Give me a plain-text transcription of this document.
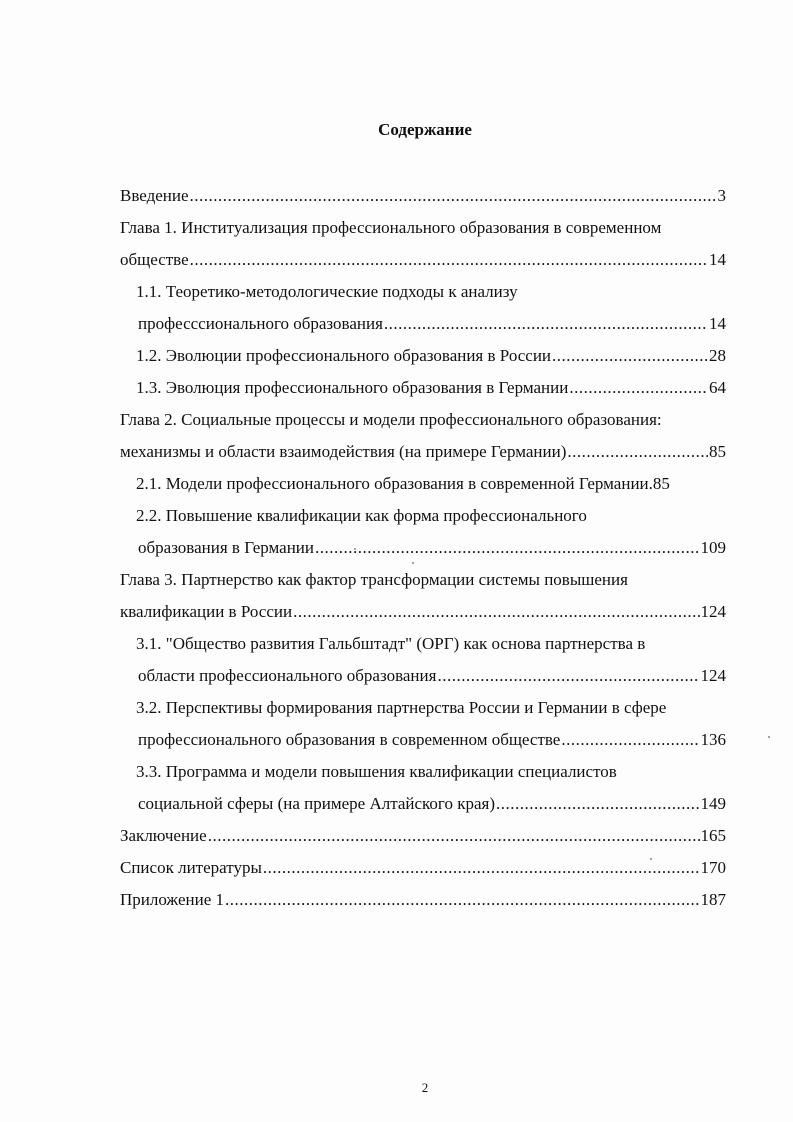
Содержание
Введение .....	3
Глава 1. Институализация профессионального образования в современном
обществе .....	14
1.1. Теоретико-методологические подходы к анализу
професссионального образования .....	14
1.2. Эволюции профессионального образования в России .....	28
1.3. Эволюция профессионального образования в Германии .....	64
Глава 2. Социальные процессы и модели профессионального образования:
механизмы и области взаимодействия (на примере Германии) .....	85
2.1. Модели профессионального образования в современной Германии. 85
2.2. Повышение квалификации как форма профессионального
образования в Германии .....	109
Глава 3. Партнерство как фактор трансформации системы повышения
квалификации в России .....	124
3.1. "Общество развития Гальбштадт" (ОРГ) как основа партнерства в
области профессионального образования .....	124
3.2. Перспективы формирования партнерства России и Германии в сфере
профессионального образования в современном обществе .....	136
3.3. Программа и модели повышения квалификации специалистов
социальной сферы (на примере Алтайского края) .....	149
Заключение .....	165
Список литературы .....	170
Приложение 1 .....	187
2
